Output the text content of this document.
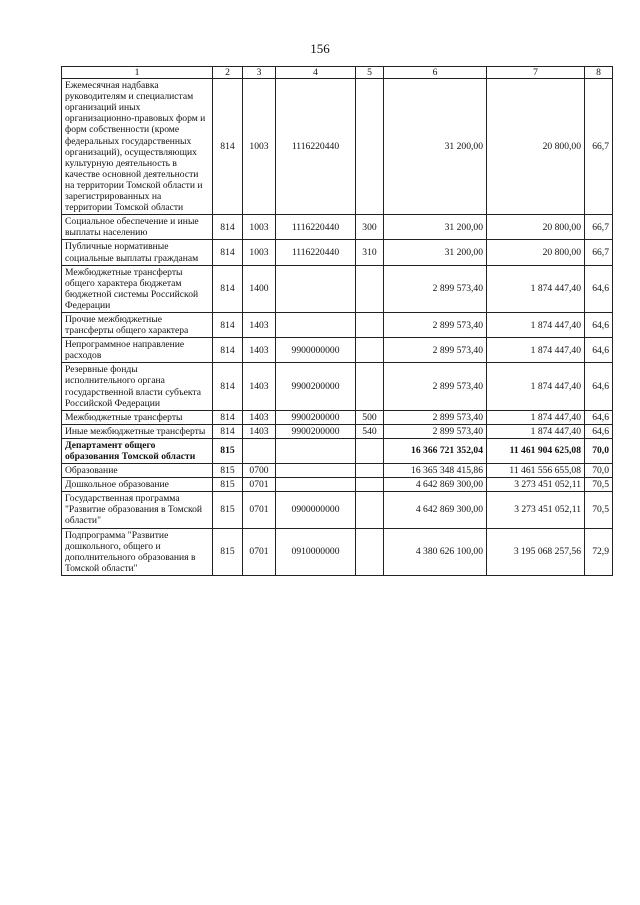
156
1	2	3	4	5	6	7	8
Ежемесячная надбавка руководителям и специалистам организаций иных организационно-правовых форм и форм собственности (кроме федеральных государственных организаций), осуществляющих культурную деятельность в качестве основной деятельности на территории Томской области и зарегистрированных на территории Томской области	814	1003	1116220440		31 200,00	20 800,00	66,7
Социальное обеспечение и иные выплаты населению	814	1003	1116220440	300	31 200,00	20 800,00	66,7
Публичные нормативные социальные выплаты гражданам	814	1003	1116220440	310	31 200,00	20 800,00	66,7
Межбюджетные трансферты общего характера бюджетам бюджетной системы Российской Федерации	814	1400			2 899 573,40	1 874 447,40	64,6
Прочие межбюджетные трансферты общего характера	814	1403			2 899 573,40	1 874 447,40	64,6
Непрограммное направление расходов	814	1403	9900000000		2 899 573,40	1 874 447,40	64,6
Резервные фонды исполнительного органа государственной власти субъекта Российской Федерации	814	1403	9900200000		2 899 573,40	1 874 447,40	64,6
Межбюджетные трансферты	814	1403	9900200000	500	2 899 573,40	1 874 447,40	64,6
Иные межбюджетные трансферты	814	1403	9900200000	540	2 899 573,40	1 874 447,40	64,6
Департамент общего образования Томской области	815				16 366 721 352,04	11 461 904 625,08	70,0
Образование	815	0700			16 365 348 415,86	11 461 556 655,08	70,0
Дошкольное образование	815	0701			4 642 869 300,00	3 273 451 052,11	70,5
Государственная программа "Развитие образования в Томской области"	815	0701	0900000000		4 642 869 300,00	3 273 451 052,11	70,5
Подпрограмма "Развитие дошкольного, общего и дополнительного образования в Томской области"	815	0701	0910000000		4 380 626 100,00	3 195 068 257,56	72,9
